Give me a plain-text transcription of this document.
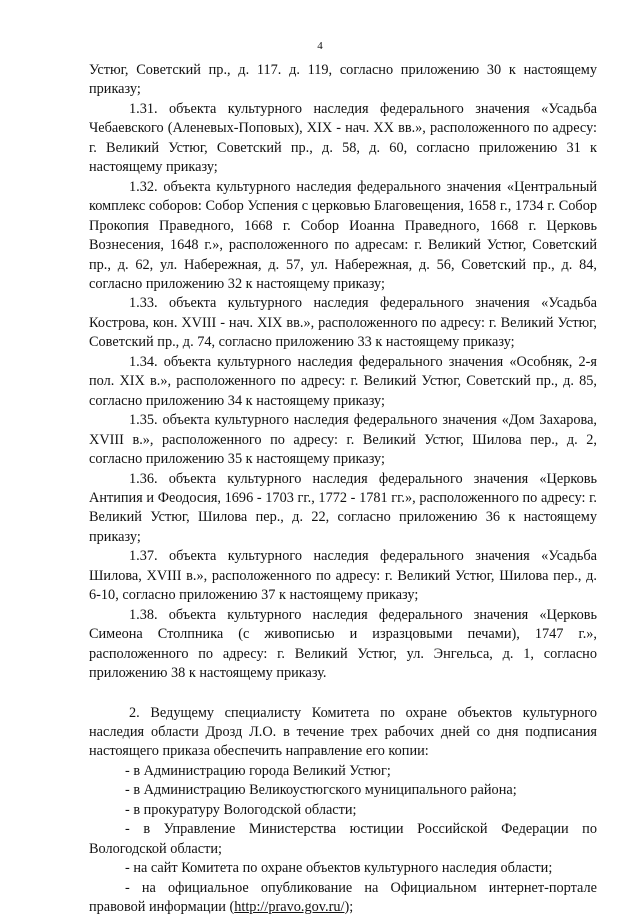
4

Устюг, Советский пр., д. 117. д. 119, согласно приложению 30 к настоящему приказу;

1.31. объекта культурного наследия федерального значения «Усадьба Чебаевского (Аленевых-Поповых), XIX - нач. XX вв.», расположенного по адресу: г. Великий Устюг, Советский пр., д. 58, д. 60, согласно приложению 31 к настоящему приказу;

1.32. объекта культурного наследия федерального значения «Центральный комплекс соборов: Собор Успения с церковью Благовещения, 1658 г., 1734 г. Собор Прокопия Праведного, 1668 г. Собор Иоанна Праведного, 1668 г. Церковь Вознесения, 1648 г.», расположенного по адресам: г. Великий Устюг, Советский пр., д. 62, ул. Набережная, д. 57, ул. Набережная, д. 56, Советский пр., д. 84, согласно приложению 32 к настоящему приказу;

1.33. объекта культурного наследия федерального значения «Усадьба Кострова, кон. XVIII - нач. XIX вв.», расположенного по адресу: г. Великий Устюг, Советский пр., д. 74, согласно приложению 33 к настоящему приказу;

1.34. объекта культурного наследия федерального значения «Особняк, 2-я пол. XIX в.», расположенного по адресу: г. Великий Устюг, Советский пр., д. 85, согласно приложению 34 к настоящему приказу;

1.35. объекта культурного наследия федерального значения «Дом Захарова, XVIII в.», расположенного по адресу: г. Великий Устюг, Шилова пер., д. 2, согласно приложению 35 к настоящему приказу;

1.36. объекта культурного наследия федерального значения «Церковь Антипия и Феодосия, 1696 - 1703 гг., 1772 - 1781 гг.», расположенного по адресу: г. Великий Устюг, Шилова пер., д. 22, согласно приложению 36 к настоящему приказу;

1.37. объекта культурного наследия федерального значения «Усадьба Шилова, XVIII в.», расположенного по адресу: г. Великий Устюг, Шилова пер., д. 6-10, согласно приложению 37 к настоящему приказу;

1.38. объекта культурного наследия федерального значения «Церковь Симеона Столпника (с живописью и изразцовыми печами), 1747 г.», расположенного по адресу: г. Великий Устюг, ул. Энгельса, д. 1, согласно приложению 38 к настоящему приказу.

2. Ведущему специалисту Комитета по охране объектов культурного наследия области Дрозд Л.О. в течение трех рабочих дней со дня подписания настоящего приказа обеспечить направление его копии:

- в Администрацию города Великий Устюг;

- в Администрацию Великоустюгского муниципального района;

- в прокуратуру Вологодской области;

- в Управление Министерства юстиции Российской Федерации по Вологодской области;

- на сайт Комитета по охране объектов культурного наследия области;

- на официальное опубликование на Официальном интернет-портале правовой информации (http://pravo.gov.ru/);
